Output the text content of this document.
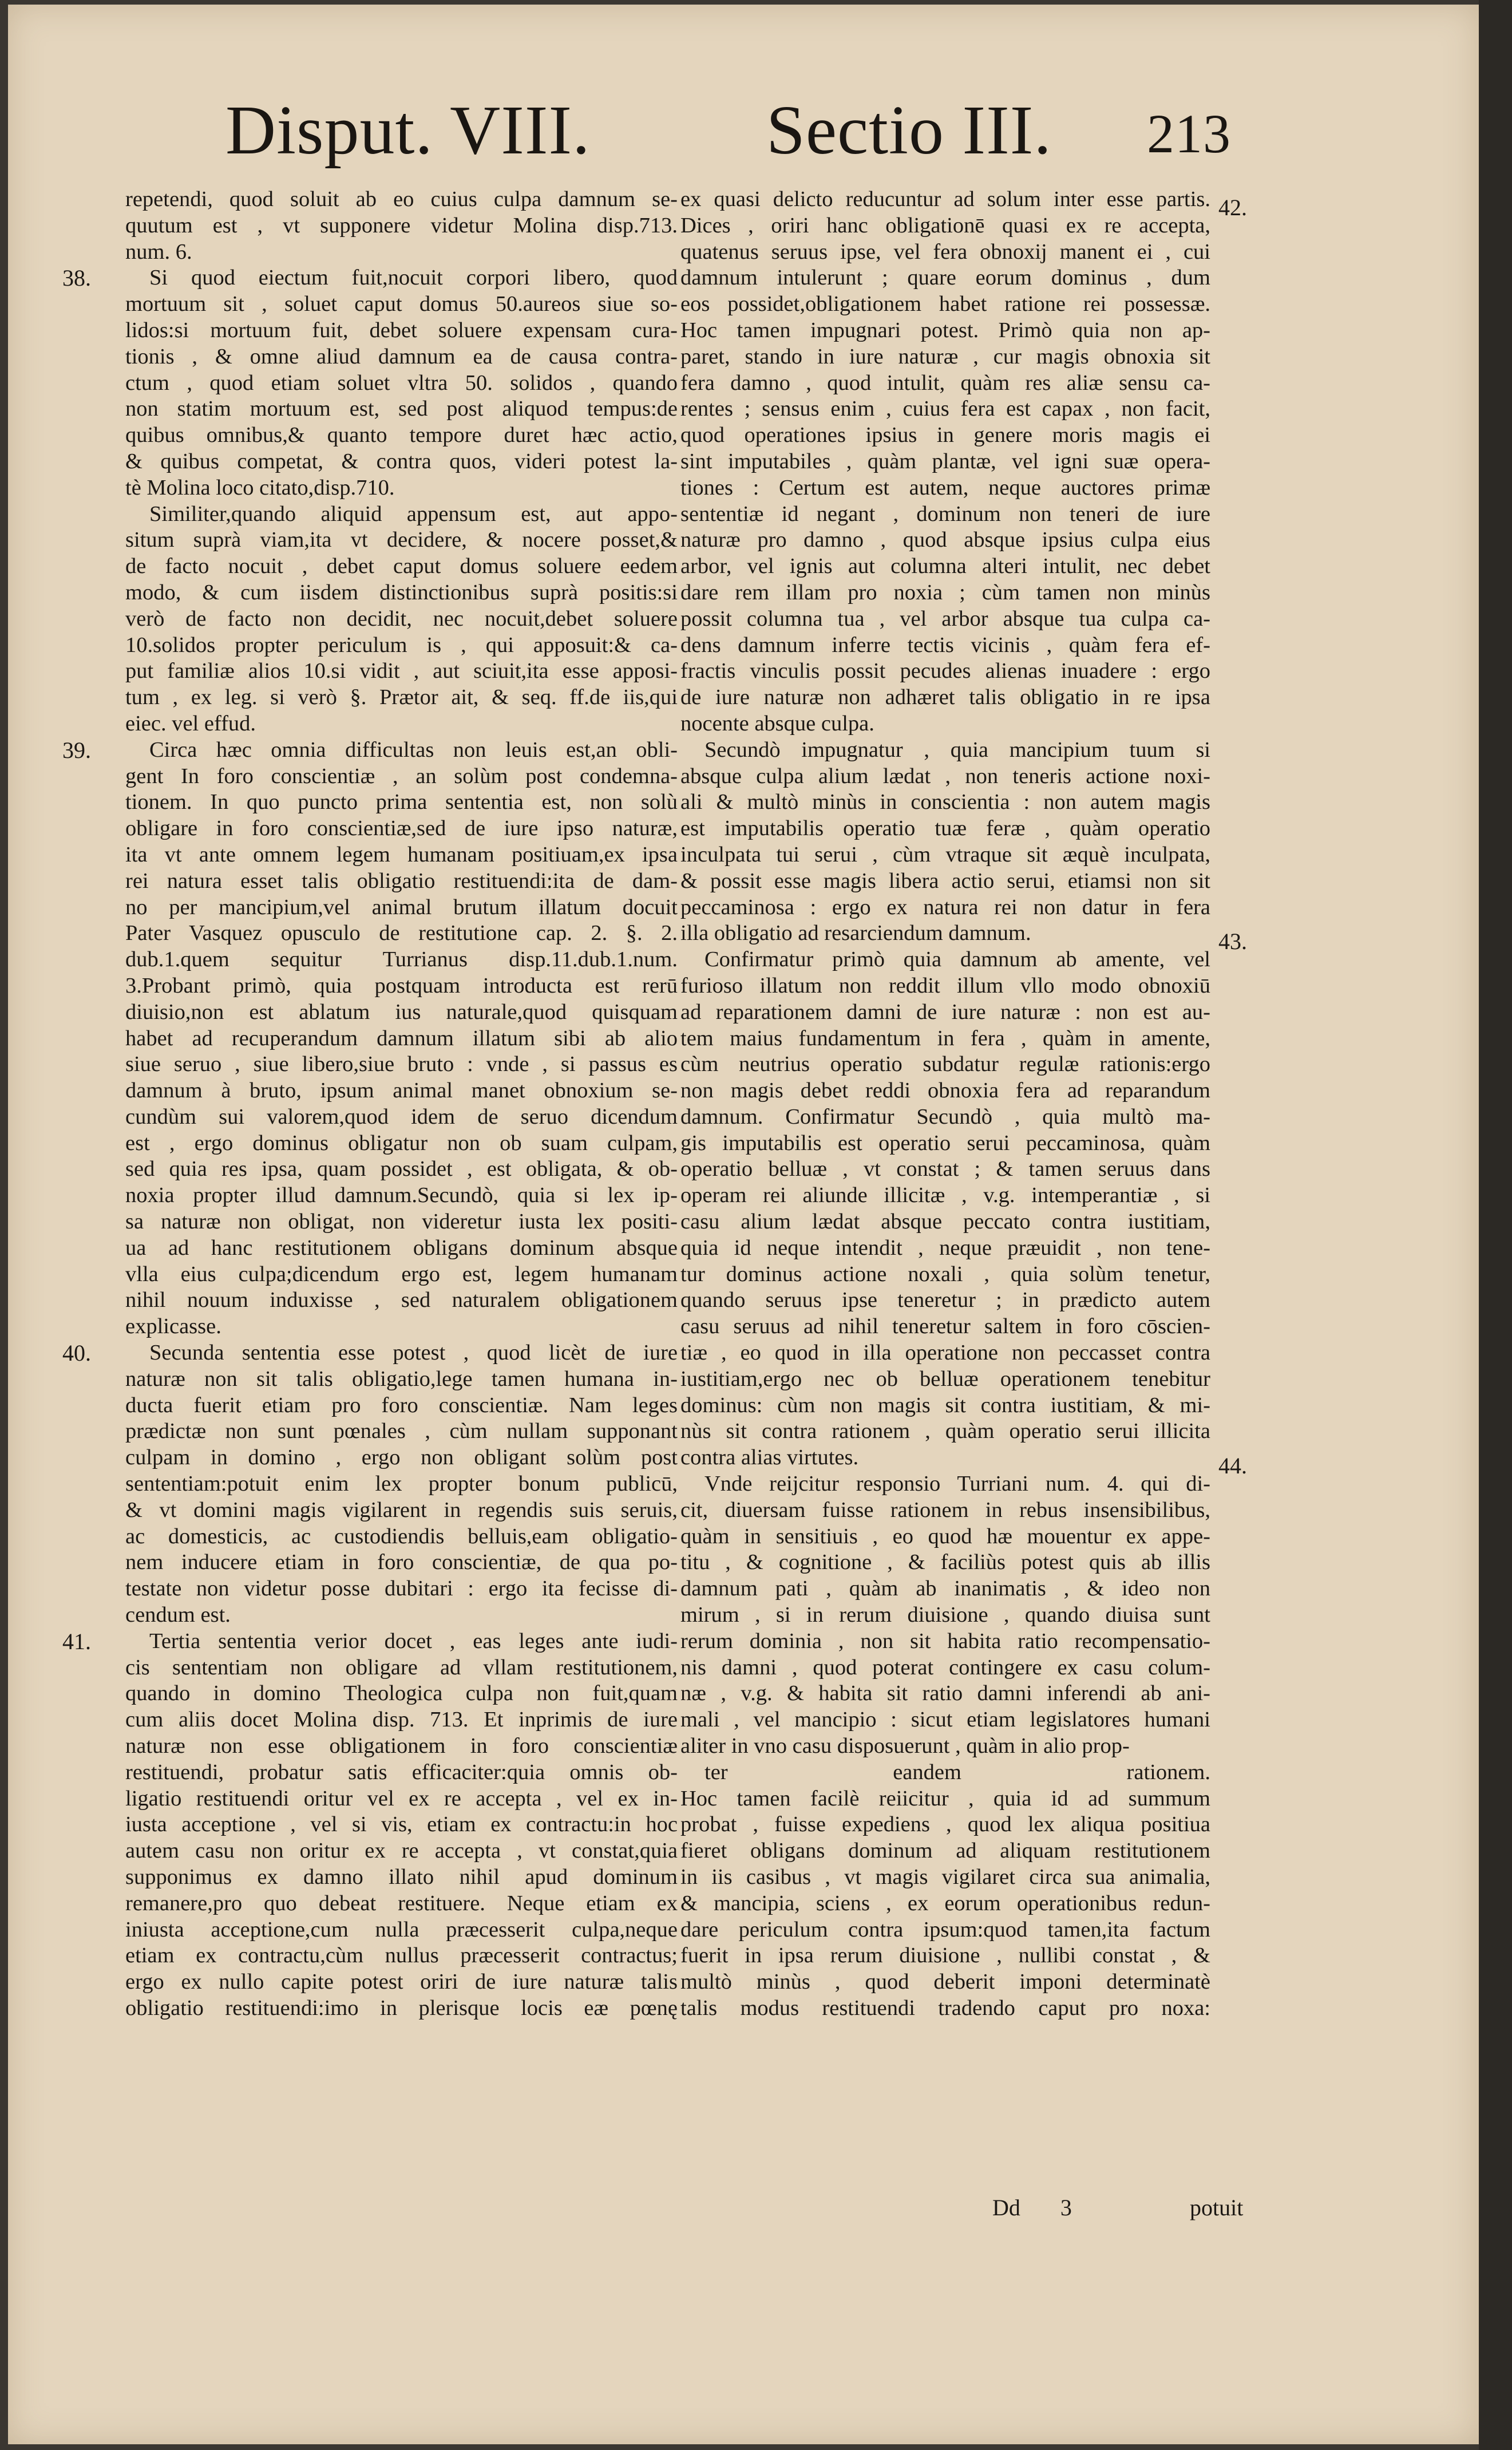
Disput. VIII.	Sectio III. 213
repetendi, quod soluit ab eo cuius culpa damnum se-
quutum est , vt supponere videtur Molina disp.713.
num. 6.
Si quod eiectum fuit,nocuit corpori libero, quod
mortuum sit , soluet caput domus 50.aureos siue so-
lidos:si mortuum fuit, debet soluere expensam cura-
tionis , & omne aliud damnum ea de causa contra-
ctum , quod etiam soluet vltra 50. solidos , quando
non statim mortuum est, sed post aliquod tempus:de
quibus omnibus,& quanto tempore duret hæc actio,
& quibus competat, & contra quos, videri potest la-
tè Molina loco citato,disp.710.
Similiter,quando aliquid appensum est, aut appo-
situm suprà viam,ita vt decidere, & nocere posset,&
de facto nocuit , debet caput domus soluere eedem
modo, & cum iisdem distinctionibus suprà positis:si
verò de facto non decidit, nec nocuit,debet soluere
10.solidos propter periculum is , qui apposuit:& ca-
put familiæ alios 10.si vidit , aut sciuit,ita esse apposi-
tum , ex leg. si verò §. Prætor ait, & seq. ff.de iis,qui
eiec. vel effud.
Circa hæc omnia difficultas non leuis est,an obli-
gent In foro conscientiæ , an solùm post condemna-
tionem. In quo puncto prima sententia est, non solù
obligare in foro conscientiæ,sed de iure ipso naturæ,
ita vt ante omnem legem humanam positiuam,ex ipsa
rei natura esset talis obligatio restituendi:ita de dam-
no per mancipium,vel animal brutum illatum docuit
Pater Vasquez opusculo de restitutione cap. 2. §. 2.
dub.1.quem sequitur Turrianus disp.11.dub.1.num.
3.Probant primò, quia postquam introducta est rerū
diuisio,non est ablatum ius naturale,quod quisquam
habet ad recuperandum damnum illatum sibi ab alio
siue seruo , siue libero,siue bruto : vnde , si passus es
damnum à bruto, ipsum animal manet obnoxium se-
cundùm sui valorem,quod idem de seruo dicendum
est , ergo dominus obligatur non ob suam culpam,
sed quia res ipsa, quam possidet , est obligata, & ob-
noxia propter illud damnum.Secundò, quia si lex ip-
sa naturæ non obligat, non videretur iusta lex positi-
ua ad hanc restitutionem obligans dominum absque
vlla eius culpa;dicendum ergo est, legem humanam
nihil nouum induxisse , sed naturalem obligationem
explicasse.
Secunda sententia esse potest , quod licèt de iure
naturæ non sit talis obligatio,lege tamen humana in-
ducta fuerit etiam pro foro conscientiæ. Nam leges
prædictæ non sunt pœnales , cùm nullam supponant
culpam in domino , ergo non obligant solùm post
sententiam:potuit enim lex propter bonum publicū,
& vt domini magis vigilarent in regendis suis seruis,
ac domesticis, ac custodiendis belluis,eam obligatio-
nem inducere etiam in foro conscientiæ, de qua po-
testate non videtur posse dubitari : ergo ita fecisse di-
cendum est.
Tertia sententia verior docet , eas leges ante iudi-
cis sententiam non obligare ad vllam restitutionem,
quando in domino Theologica culpa non fuit,quam
cum aliis docet Molina disp. 713. Et inprimis de iure
naturæ non esse obligationem in foro conscientiæ
restituendi, probatur satis efficaciter:quia omnis ob-
ligatio restituendi oritur vel ex re accepta , vel ex in-
iusta acceptione , vel si vis, etiam ex contractu:in hoc
autem casu non oritur ex re accepta , vt constat,quia
supponimus ex damno illato nihil apud dominum
remanere,pro quo debeat restituere. Neque etiam ex
iniusta acceptione,cum nulla præcesserit culpa,neque
etiam ex contractu,cùm nullus præcesserit contractus;
ergo ex nullo capite potest oriri de iure naturæ talis
obligatio restituendi:imo in plerisque locis eæ pœnę
38.
39.
40.
41.
ex quasi delicto reducuntur ad solum inter esse partis.
Dices , oriri hanc obligationē quasi ex re accepta,
quatenus seruus ipse, vel fera obnoxij manent ei , cui
damnum intulerunt ; quare eorum dominus , dum
eos possidet,obligationem habet ratione rei possessæ.
Hoc tamen impugnari potest. Primò quia non ap-
paret, stando in iure naturæ , cur magis obnoxia sit
fera damno , quod intulit, quàm res aliæ sensu ca-
rentes ; sensus enim , cuius fera est capax , non facit,
quod operationes ipsius in genere moris magis ei
sint imputabiles , quàm plantæ, vel igni suæ opera-
tiones : Certum est autem, neque auctores primæ
sententiæ id negant , dominum non teneri de iure
naturæ pro damno , quod absque ipsius culpa eius
arbor, vel ignis aut columna alteri intulit, nec debet
dare rem illam pro noxia ; cùm tamen non minùs
possit columna tua , vel arbor absque tua culpa ca-
dens damnum inferre tectis vicinis , quàm fera ef-
fractis vinculis possit pecudes alienas inuadere : ergo
de iure naturæ non adhæret talis obligatio in re ipsa
nocente absque culpa.
Secundò impugnatur , quia mancipium tuum si
absque culpa alium lædat , non teneris actione noxi-
ali & multò minùs in conscientia : non autem magis
est imputabilis operatio tuæ feræ , quàm operatio
inculpata tui serui , cùm vtraque sit æquè inculpata,
& possit esse magis libera actio serui, etiamsi non sit
peccaminosa : ergo ex natura rei non datur in fera
illa obligatio ad resarciendum damnum.
Confirmatur primò quia damnum ab amente, vel
furioso illatum non reddit illum vllo modo obnoxiū
ad reparationem damni de iure naturæ : non est au-
tem maius fundamentum in fera , quàm in amente,
cùm neutrius operatio subdatur regulæ rationis:ergo
non magis debet reddi obnoxia fera ad reparandum
damnum. Confirmatur Secundò , quia multò ma-
gis imputabilis est operatio serui peccaminosa, quàm
operatio belluæ , vt constat ; & tamen seruus dans
operam rei aliunde illicitæ , v.g. intemperantiæ , si
casu alium lædat absque peccato contra iustitiam,
quia id neque intendit , neque præuidit , non tene-
tur dominus actione noxali , quia solùm tenetur,
quando seruus ipse teneretur ; in prædicto autem
casu seruus ad nihil teneretur saltem in foro cōscien-
tiæ , eo quod in illa operatione non peccasset contra
iustitiam,ergo nec ob belluæ operationem tenebitur
dominus: cùm non magis sit contra iustitiam, & mi-
nùs sit contra rationem , quàm operatio serui illicita
contra alias virtutes.
Vnde reijcitur responsio Turriani num. 4. qui di-
cit, diuersam fuisse rationem in rebus insensibilibus,
quàm in sensitiuis , eo quod hæ mouentur ex appe-
titu , & cognitione , & faciliùs potest quis ab illis
damnum pati , quàm ab inanimatis , & ideo non
mirum , si in rerum diuisione , quando diuisa sunt
rerum dominia , non sit habita ratio recompensatio-
nis damni , quod poterat contingere ex casu colum-
næ , v.g. & habita sit ratio damni inferendi ab ani-
mali , vel mancipio : sicut etiam legislatores humani
aliter in vno casu disposuerunt , quàm in alio prop-
ter eandem rationem.
Hoc tamen facilè reiicitur , quia id ad summum
probat , fuisse expediens , quod lex aliqua positiua
fieret obligans dominum ad aliquam restitutionem
in iis casibus , vt magis vigilaret circa sua animalia,
& mancipia, sciens , ex eorum operationibus redun-
dare periculum contra ipsum:quod tamen,ita factum
fuerit in ipsa rerum diuisione , nullibi constat , &
multò minùs , quod deberit imponi determinatè
talis modus restituendi tradendo caput pro noxa:
42.
43.
44.
Dd 3	potuit
